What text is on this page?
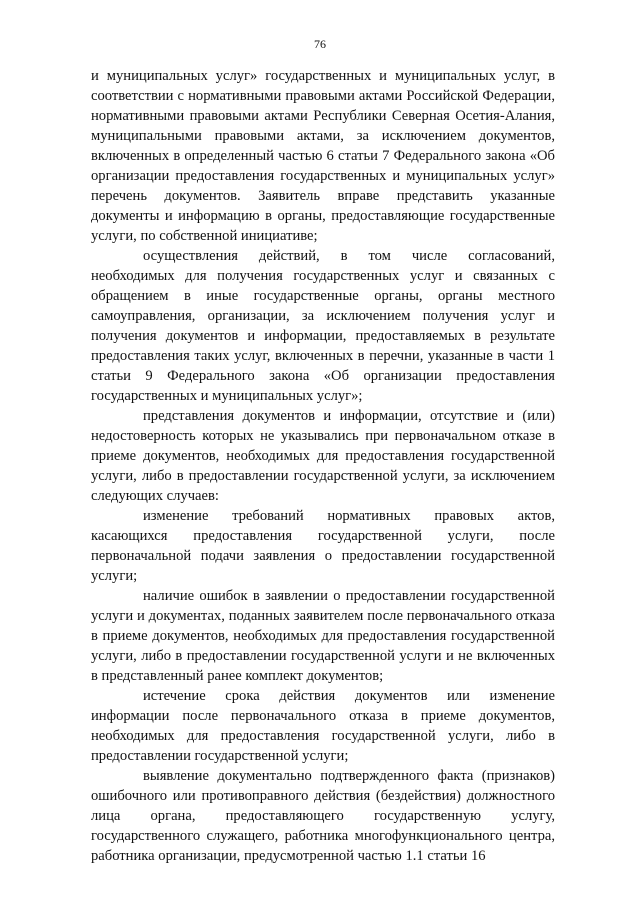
76

и муниципальных услуг» государственных и муниципальных услуг, в соответствии с нормативными правовыми актами Российской Федерации, нормативными правовыми актами Республики Северная Осетия-Алания, муниципальными правовыми актами, за исключением документов, включенных в определенный частью 6 статьи 7 Федерального закона «Об организации предоставления государственных и муниципальных услуг» перечень документов. Заявитель вправе представить указанные документы и информацию в органы, предоставляющие государственные услуги, по собственной инициативе;

осуществления действий, в том числе согласований, необходимых для получения государственных услуг и связанных с обращением в иные государственные органы, органы местного самоуправления, организации, за исключением получения услуг и получения документов и информации, предоставляемых в результате предоставления таких услуг, включенных в перечни, указанные в части 1 статьи 9 Федерального закона «Об организации предоставления государственных и муниципальных услуг»;

представления документов и информации, отсутствие и (или) недостоверность которых не указывались при первоначальном отказе в приеме документов, необходимых для предоставления государственной услуги, либо в предоставлении государственной услуги, за исключением следующих случаев:

изменение требований нормативных правовых актов, касающихся предоставления государственной услуги, после первоначальной подачи заявления о предоставлении государственной услуги;

наличие ошибок в заявлении о предоставлении государственной услуги и документах, поданных заявителем после первоначального отказа в приеме документов, необходимых для предоставления государственной услуги, либо в предоставлении государственной услуги и не включенных в представленный ранее комплект документов;

истечение срока действия документов или изменение информации после первоначального отказа в приеме документов, необходимых для предоставления государственной услуги, либо в предоставлении государственной услуги;

выявление документально подтвержденного факта (признаков) ошибочного или противоправного действия (бездействия) должностного лица органа, предоставляющего государственную услугу, государственного служащего, работника многофункционального центра, работника организации, предусмотренной частью 1.1 статьи 16
